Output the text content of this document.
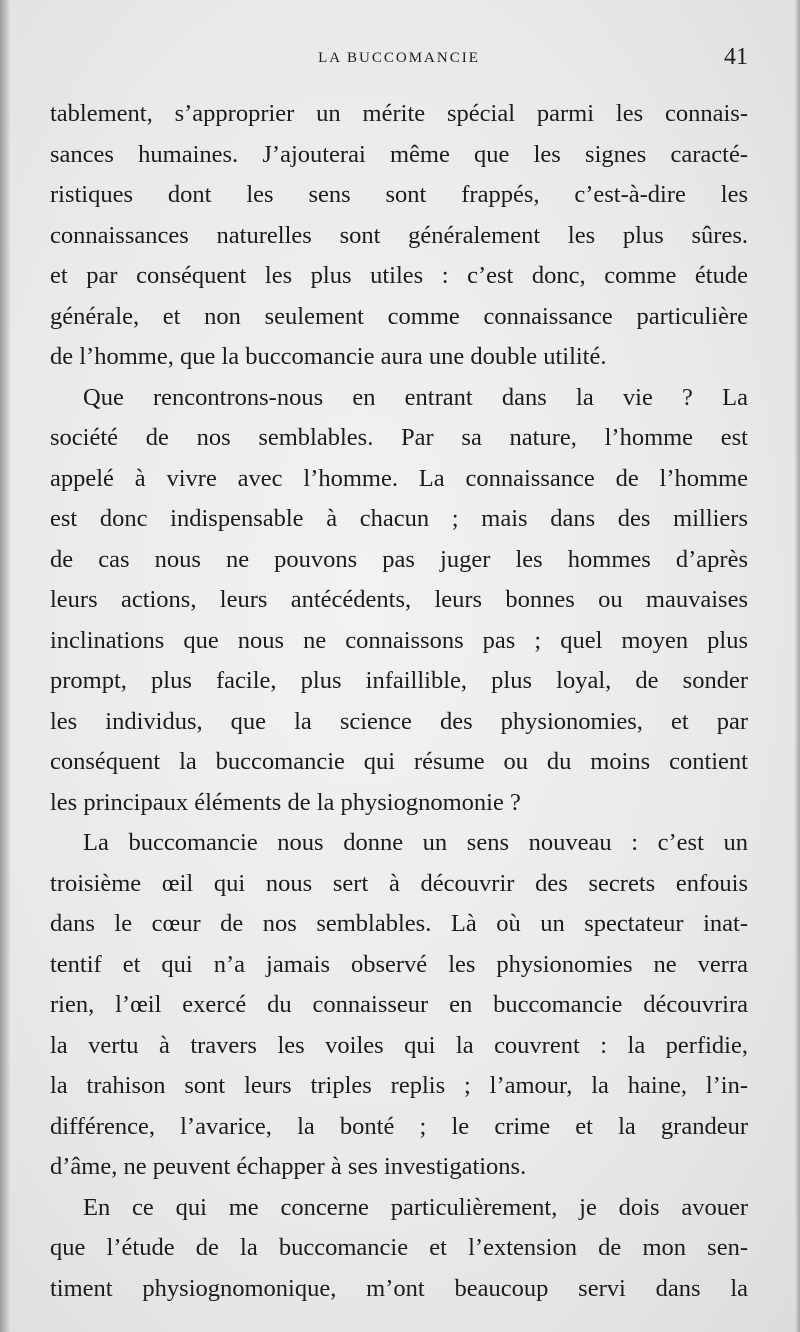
LA BUCCOMANCIE	41
tablement, s’approprier un mérite spécial parmi les connais-
sances humaines. J’ajouterai même que les signes caracté-
ristiques dont les sens sont frappés, c’est-à-dire les
connaissances naturelles sont généralement les plus sûres.
et par conséquent les plus utiles : c’est donc, comme étude
générale, et non seulement comme connaissance particulière
de l’homme, que la buccomancie aura une double utilité.
Que rencontrons-nous en entrant dans la vie ? La
société de nos semblables. Par sa nature, l’homme est
appelé à vivre avec l’homme. La connaissance de l’homme
est donc indispensable à chacun ; mais dans des milliers
de cas nous ne pouvons pas juger les hommes d’après
leurs actions, leurs antécédents, leurs bonnes ou mauvaises
inclinations que nous ne connaissons pas ; quel moyen plus
prompt, plus facile, plus infaillible, plus loyal, de sonder
les individus, que la science des physionomies, et par
conséquent la buccomancie qui résume ou du moins contient
les principaux éléments de la physiognomonie ?
La buccomancie nous donne un sens nouveau : c’est un
troisième œil qui nous sert à découvrir des secrets enfouis
dans le cœur de nos semblables. Là où un spectateur inat-
tentif et qui n’a jamais observé les physionomies ne verra
rien, l’œil exercé du connaisseur en buccomancie découvrira
la vertu à travers les voiles qui la couvrent : la perfidie,
la trahison sont leurs triples replis ; l’amour, la haine, l’in-
différence, l’avarice, la bonté ; le crime et la grandeur
d’âme, ne peuvent échapper à ses investigations.
En ce qui me concerne particulièrement, je dois avouer
que l’étude de la buccomancie et l’extension de mon sen-
timent physiognomonique, m’ont beaucoup servi dans la
